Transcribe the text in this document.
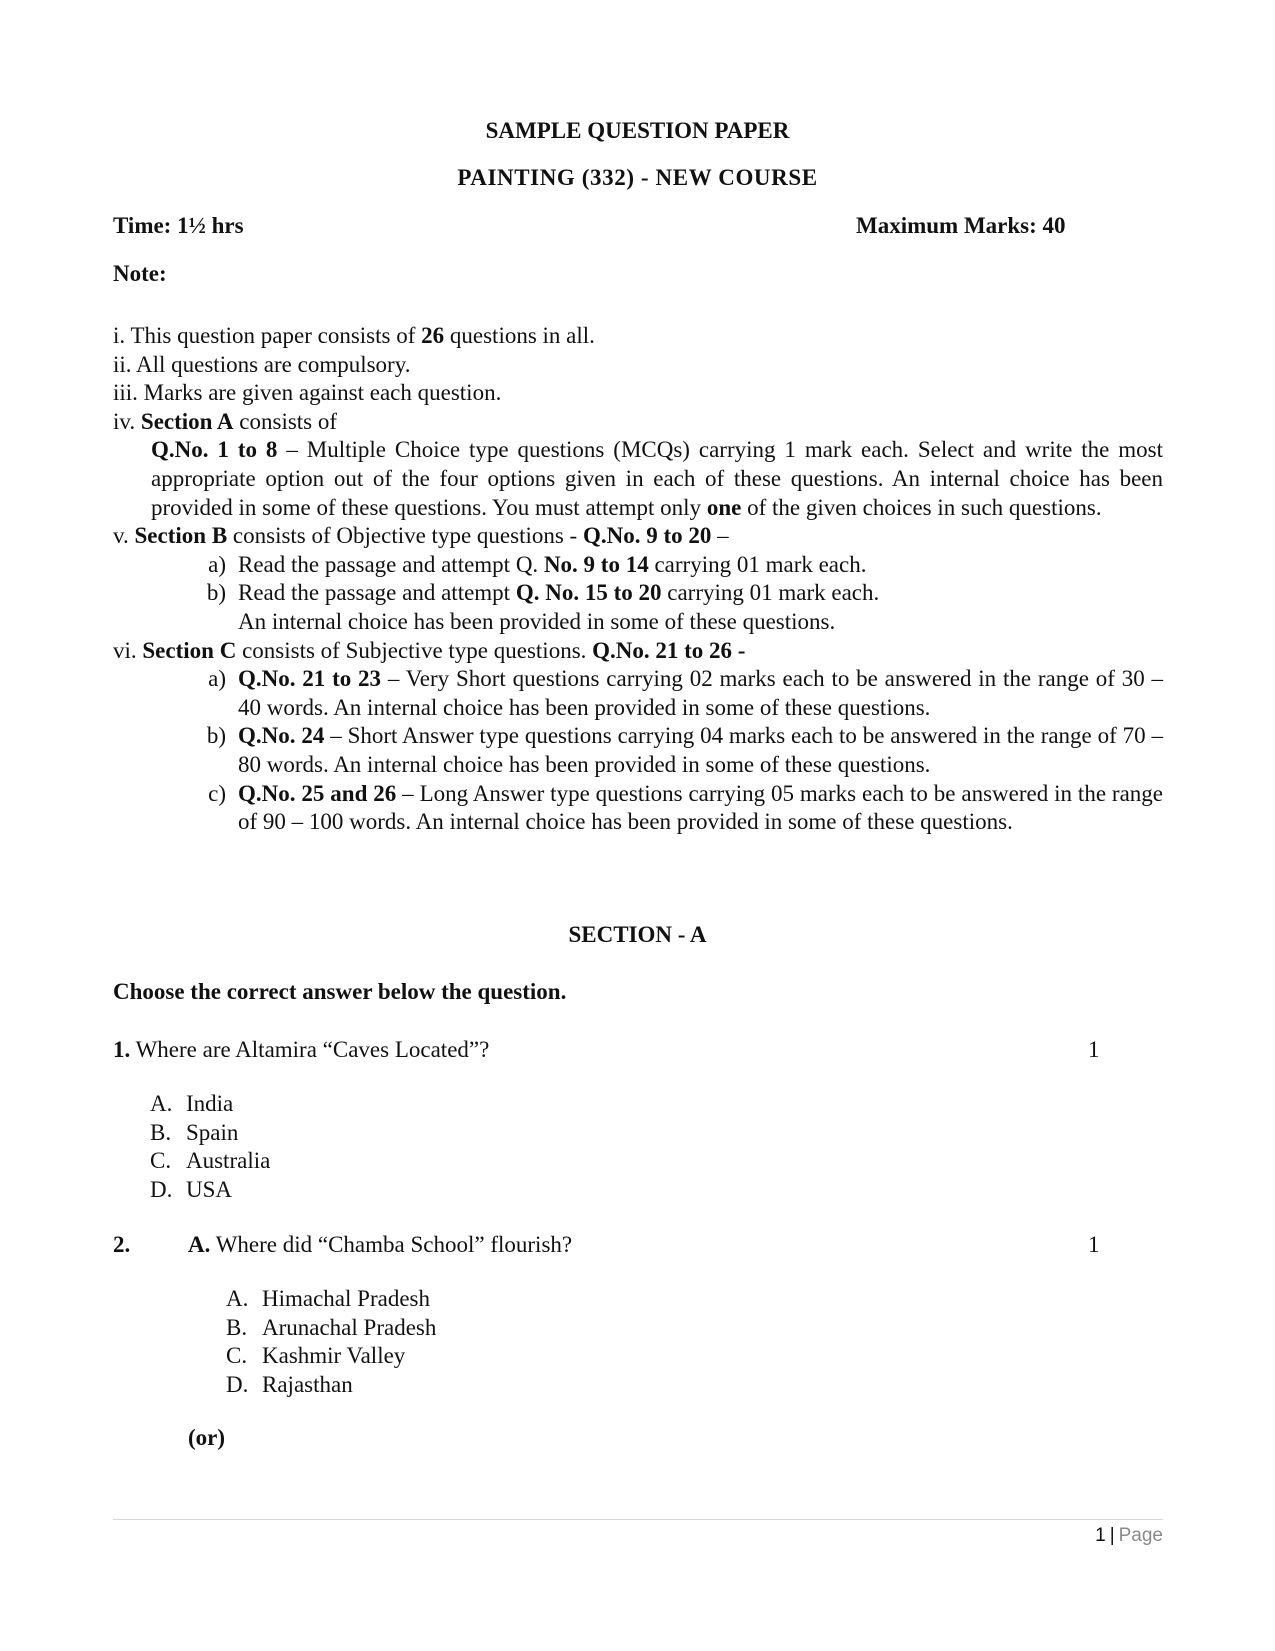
SAMPLE QUESTION PAPER
PAINTING (332) - NEW COURSE
Time: 1½ hrs	Maximum Marks: 40
Note:
i. This question paper consists of 26 questions in all.
ii. All questions are compulsory.
iii. Marks are given against each question.
iv. Section A consists of
Q.No. 1 to 8 – Multiple Choice type questions (MCQs) carrying 1 mark each. Select and write the most appropriate option out of the four options given in each of these questions. An internal choice has been provided in some of these questions. You must attempt only one of the given choices in such questions.
v. Section B consists of Objective type questions - Q.No. 9 to 20 –
a) Read the passage and attempt Q. No. 9 to 14 carrying 01 mark each.
b) Read the passage and attempt Q. No. 15 to 20 carrying 01 mark each.
An internal choice has been provided in some of these questions.
vi. Section C consists of Subjective type questions. Q.No. 21 to 26 -
a) Q.No. 21 to 23 – Very Short questions carrying 02 marks each to be answered in the range of 30 – 40 words. An internal choice has been provided in some of these questions.
b) Q.No. 24 – Short Answer type questions carrying 04 marks each to be answered in the range of 70 – 80 words. An internal choice has been provided in some of these questions.
c) Q.No. 25 and 26 – Long Answer type questions carrying 05 marks each to be answered in the range of 90 – 100 words. An internal choice has been provided in some of these questions.
SECTION - A
Choose the correct answer below the question.
1. Where are Altamira “Caves Located”?	1
A. India
B. Spain
C. Australia
D. USA
2.	A. Where did “Chamba School” flourish?	1
A. Himachal Pradesh
B. Arunachal Pradesh
C. Kashmir Valley
D. Rajasthan
(or)
1 | Page
